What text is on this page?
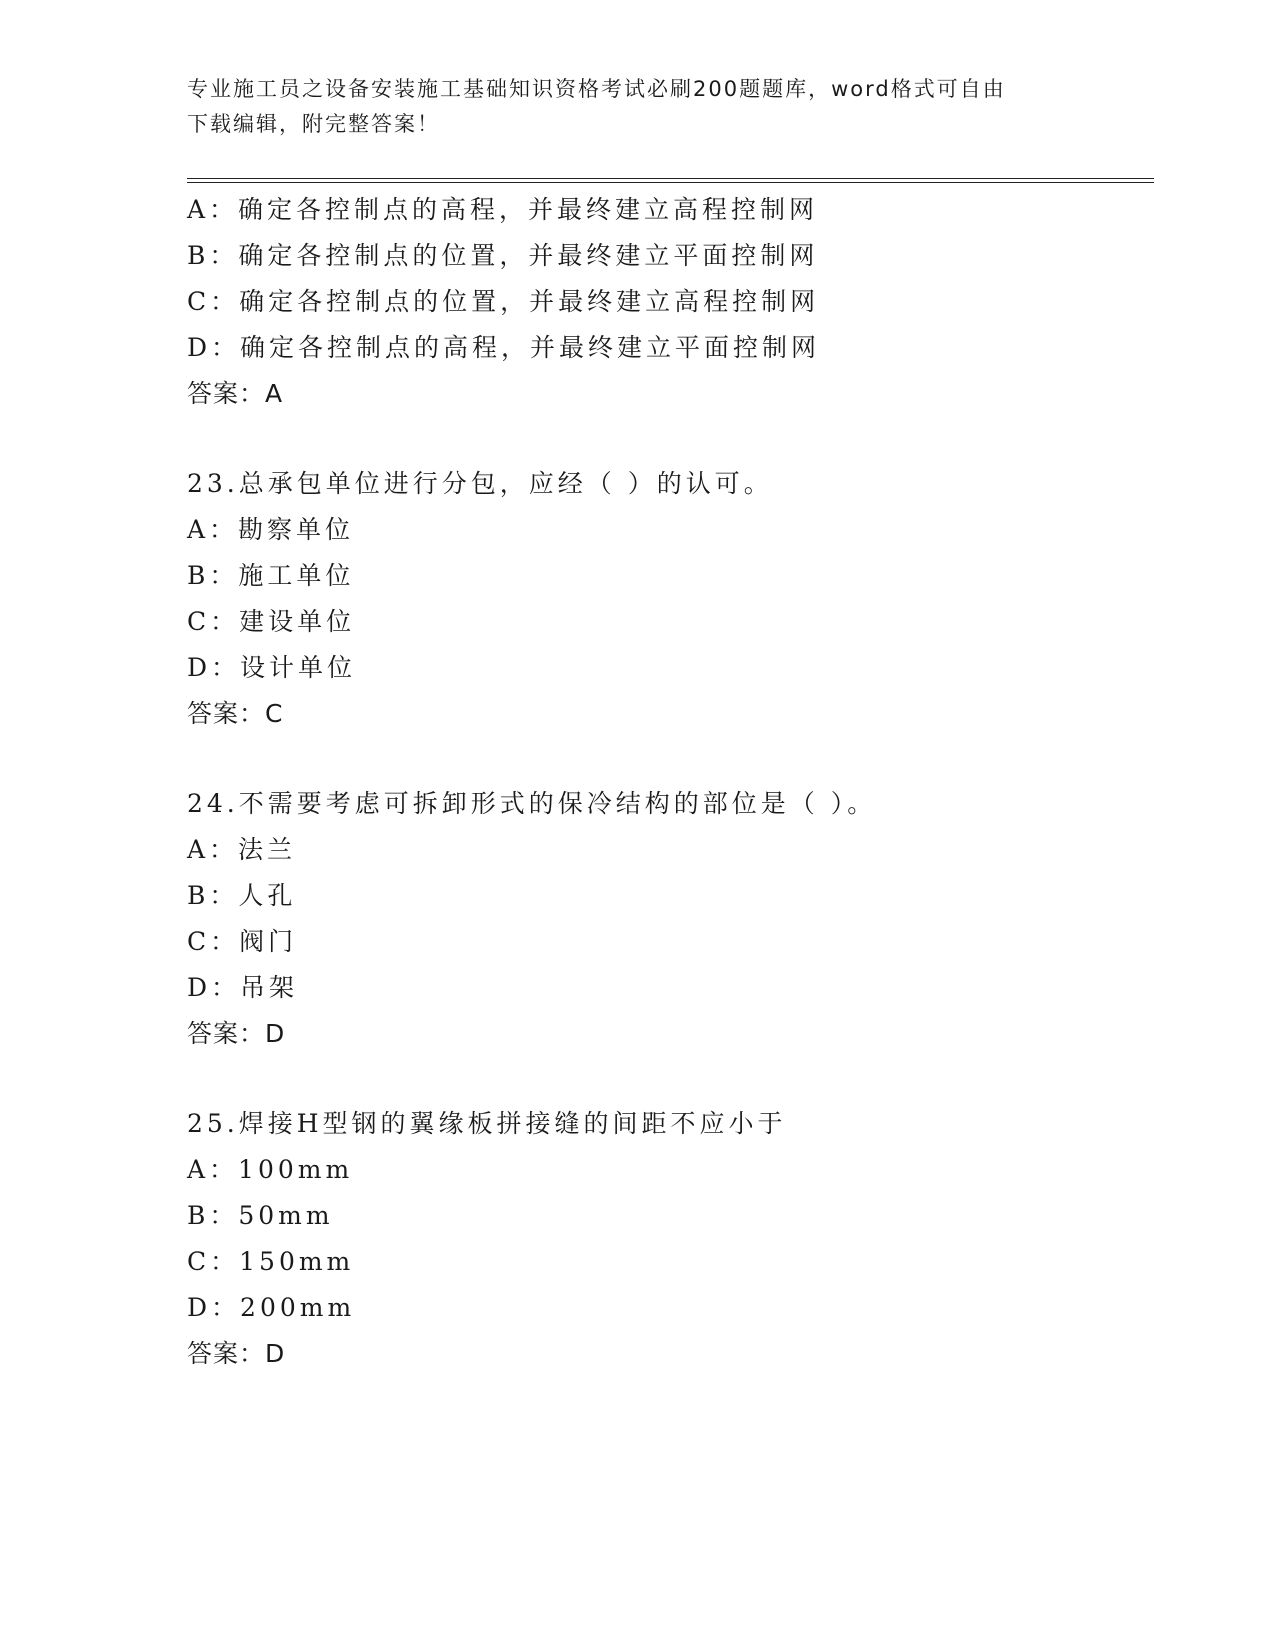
专业施工员之设备安装施工基础知识资格考试必刷200题题库，word格式可自由
下载编辑，附完整答案！
A：确定各控制点的高程，并最终建立高程控制网
B：确定各控制点的位置，并最终建立平面控制网
C：确定各控制点的位置，并最终建立高程控制网
D：确定各控制点的高程，并最终建立平面控制网
答案：A
23.总承包单位进行分包，应经（ ）的认可。
A：勘察单位
B：施工单位
C：建设单位
D：设计单位
答案：C
24.不需要考虑可拆卸形式的保冷结构的部位是（ ）。
A：法兰
B：人孔
C：阀门
D：吊架
答案：D
25.焊接H型钢的翼缘板拼接缝的间距不应小于
A：100mm
B：50mm
C：150mm
D：200mm
答案：D
